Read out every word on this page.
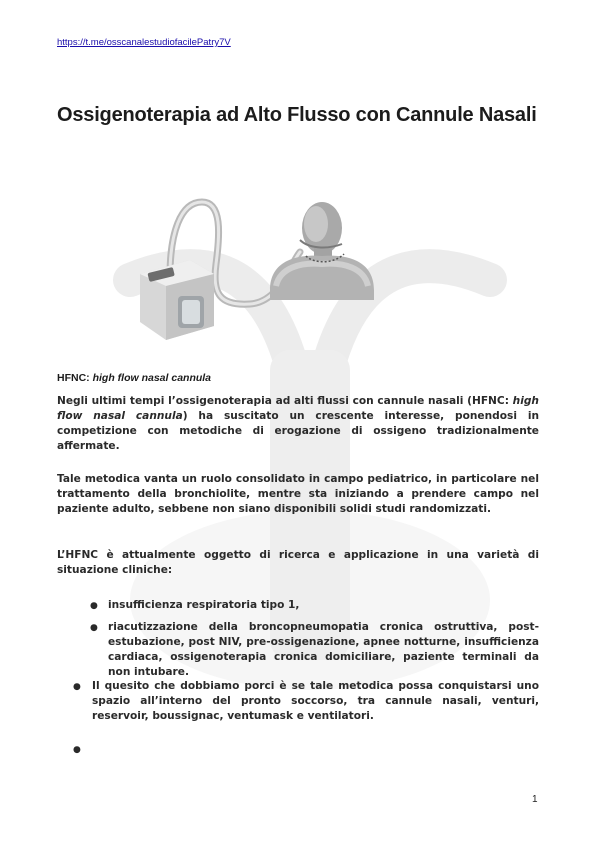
https://t.me/osscanalestudiofacilePatry7V
Ossigenoterapia ad Alto Flusso con Cannule Nasali
HFNC: high flow nasal cannula
Negli ultimi tempi l’ossigenoterapia ad alti flussi con cannule nasali (HFNC: high flow nasal cannula) ha suscitato un crescente interesse, ponendosi in competizione con metodiche di erogazione di ossigeno tradizionalmente affermate.
Tale metodica vanta un ruolo consolidato in campo pediatrico, in particolare nel trattamento della bronchiolite, mentre sta iniziando a prendere campo nel paziente adulto, sebbene non siano disponibili solidi studi randomizzati.
L’HFNC è attualmente oggetto di ricerca e applicazione in una varietà di situazione cliniche:
● insufficienza respiratoria tipo 1,
● riacutizzazione della broncopneumopatia cronica ostruttiva, post-estubazione, post NIV, pre-ossigenazione, apnee notturne, insufficienza cardiaca, ossigenoterapia cronica domiciliare, paziente terminali da non intubare.
● Il quesito che dobbiamo porci è se tale metodica possa conquistarsi uno spazio all’interno del pronto soccorso, tra cannule nasali, venturi, reservoir, boussignac, ventumask e ventilatori.
●
1
